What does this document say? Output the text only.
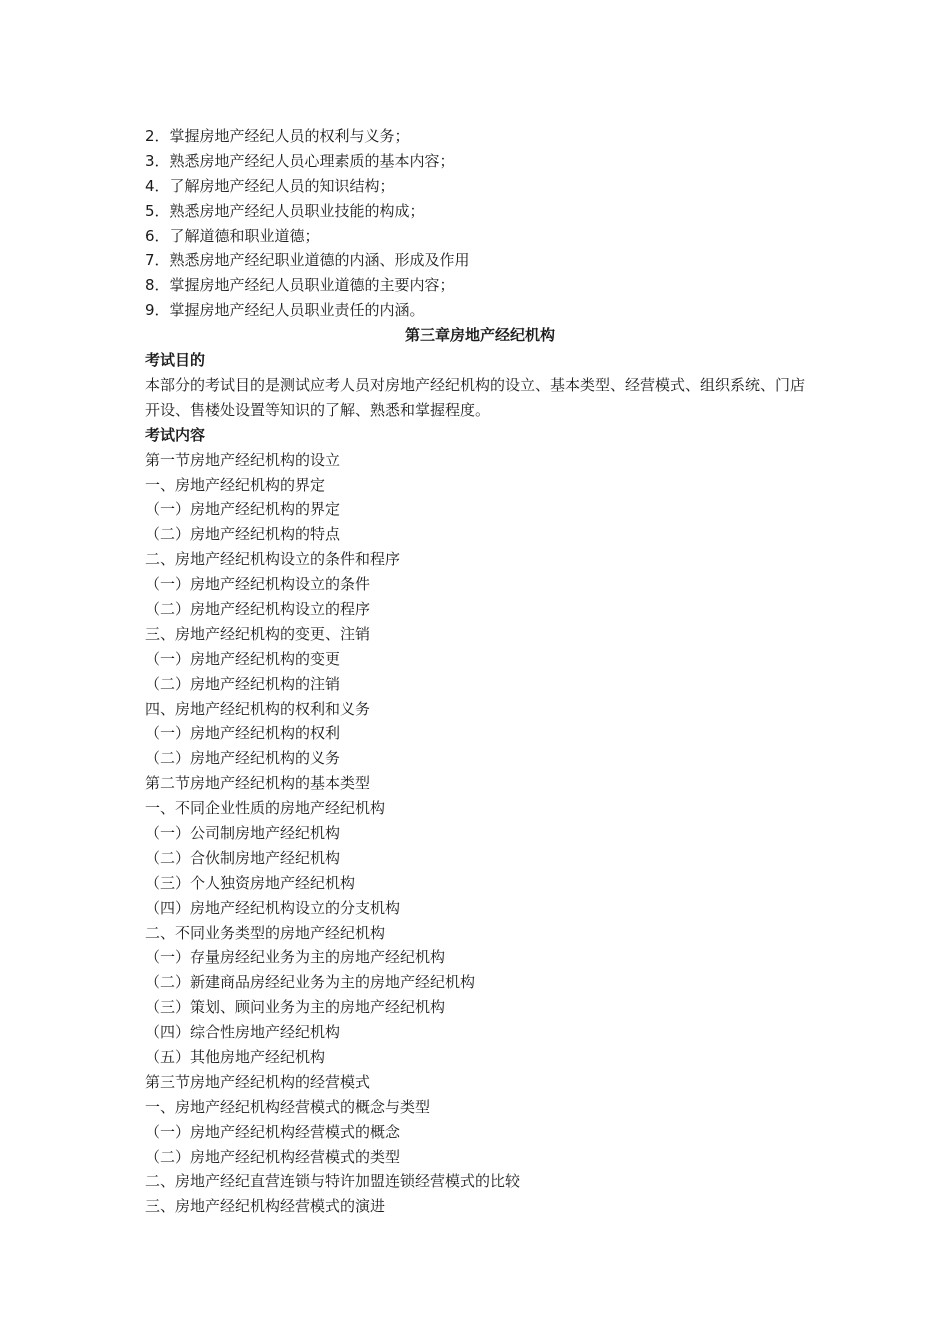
2．掌握房地产经纪人员的权利与义务；
3．熟悉房地产经纪人员心理素质的基本内容；
4．了解房地产经纪人员的知识结构；
5．熟悉房地产经纪人员职业技能的构成；
6．了解道德和职业道德；
7．熟悉房地产经纪职业道德的内涵、形成及作用
8．掌握房地产经纪人员职业道德的主要内容；
9．掌握房地产经纪人员职业责任的内涵。
第三章房地产经纪机构
考试目的
本部分的考试目的是测试应考人员对房地产经纪机构的设立、基本类型、经营模式、组织系统、门店开设、售楼处设置等知识的了解、熟悉和掌握程度。
考试内容
第一节房地产经纪机构的设立
一、房地产经纪机构的界定
（一）房地产经纪机构的界定
（二）房地产经纪机构的特点
二、房地产经纪机构设立的条件和程序
（一）房地产经纪机构设立的条件
（二）房地产经纪机构设立的程序
三、房地产经纪机构的变更、注销
（一）房地产经纪机构的变更
（二）房地产经纪机构的注销
四、房地产经纪机构的权利和义务
（一）房地产经纪机构的权利
（二）房地产经纪机构的义务
第二节房地产经纪机构的基本类型
一、不同企业性质的房地产经纪机构
（一）公司制房地产经纪机构
（二）合伙制房地产经纪机构
（三）个人独资房地产经纪机构
（四）房地产经纪机构设立的分支机构
二、不同业务类型的房地产经纪机构
（一）存量房经纪业务为主的房地产经纪机构
（二）新建商品房经纪业务为主的房地产经纪机构
（三）策划、顾问业务为主的房地产经纪机构
（四）综合性房地产经纪机构
（五）其他房地产经纪机构
第三节房地产经纪机构的经营模式
一、房地产经纪机构经营模式的概念与类型
（一）房地产经纪机构经营模式的概念
（二）房地产经纪机构经营模式的类型
二、房地产经纪直营连锁与特许加盟连锁经营模式的比较
三、房地产经纪机构经营模式的演进
